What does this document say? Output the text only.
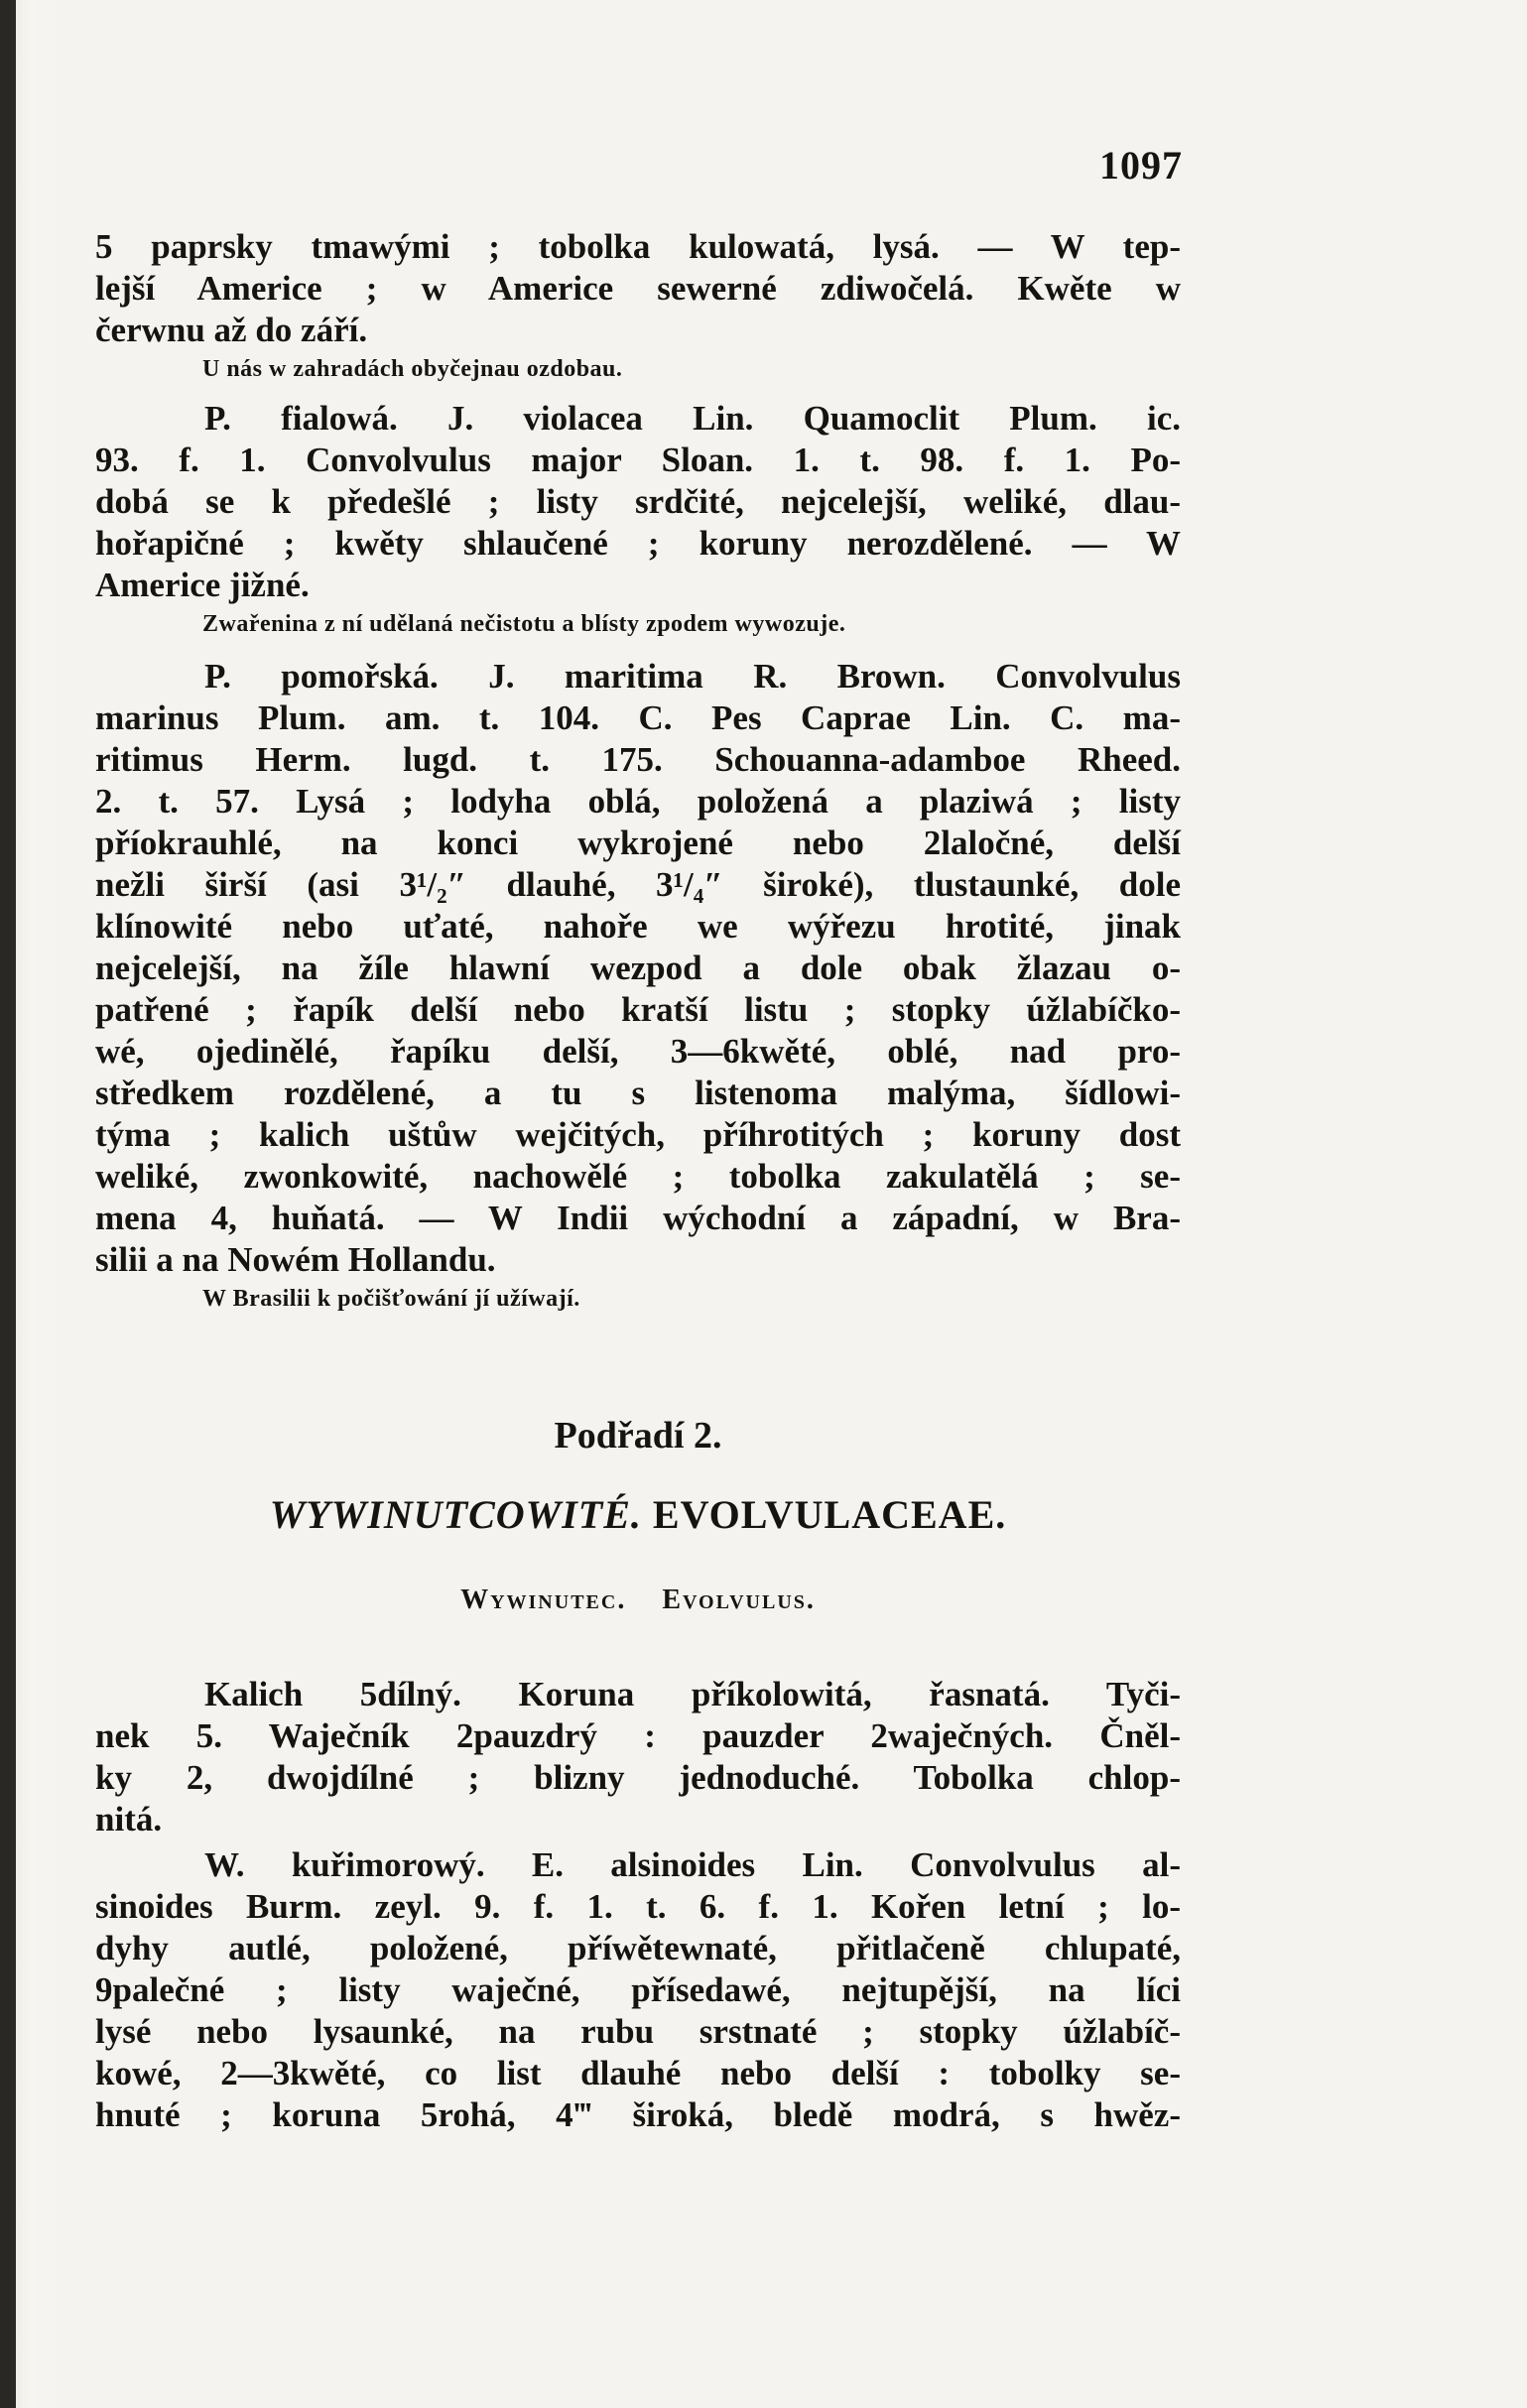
1097
5 paprsky tmawými ; tobolka kulowatá, lysá. — W tep-
lejší Americe ; w Americe sewerné zdiwočelá. Kwěte w
čerwnu až do září.
U nás w zahradách obyčejnau ozdobau.
P. fialowá. J. violacea Lin. Quamoclit Plum. ic.
93. f. 1. Convolvulus major Sloan. 1. t. 98. f. 1. Po-
dobá se k předešlé ; listy srdčité, nejcelejší, weliké, dlau-
hořapičné ; kwěty shlaučené ; koruny nerozdělené. — W
Americe jižné.
Zwařenina z ní udělaná nečistotu a blísty zpodem wywozuje.
P. pomořská. J. maritima R. Brown. Convolvulus
marinus Plum. am. t. 104. C. Pes Caprae Lin. C. ma-
ritimus Herm. lugd. t. 175. Schouanna-adamboe Rheed.
2. t. 57. Lysá ; lodyha oblá, položená a plaziwá ; listy
příokrauhlé, na konci wykrojené nebo 2laločné, delší
nežli širší (asi 3¹/₂″ dlauhé, 3¹/₄″ široké), tlustaunké, dole
klínowité nebo uťaté, nahoře we wýřezu hrotité, jinak
nejcelejší, na žíle hlawní wezpod a dole obak žlazau o-
patřené ; řapík delší nebo kratší listu ; stopky úžlabíčko-
wé, ojedinělé, řapíku delší, 3—6kwěté, oblé, nad pro-
středkem rozdělené, a tu s listenoma malýma, šídlowi-
týma ; kalich uštůw wejčitých, příhrotitých ; koruny dost
weliké, zwonkowité, nachowělé ; tobolka zakulatělá ; se-
mena 4, huňatá. — W Indii wýchodní a západní, w Bra-
silii a na Nowém Hollandu.
W Brasilii k počišťowání jí užíwají.
Podřadí 2.
WYWINUTCOWITÉ. EVOLVULACEAE.
Wywinutec. Evolvulus.
Kalich 5dílný. Koruna příkolowitá, řasnatá. Tyči-
nek 5. Waječník 2pauzdrý : pauzder 2waječných. Čněl-
ky 2, dwojdílné ; blizny jednoduché. Tobolka chlop-
nitá.
W. kuřimorowý. E. alsinoides Lin. Convolvulus al-
sinoides Burm. zeyl. 9. f. 1. t. 6. f. 1. Kořen letní ; lo-
dyhy autlé, položené, příwětewnaté, přitlačeně chlupaté,
9palečné ; listy waječné, přísedawé, nejtupější, na líci
lysé nebo lysaunké, na rubu srstnaté ; stopky úžlabíč-
kowé, 2—3kwěté, co list dlauhé nebo delší : tobolky se-
hnuté ; koruna 5rohá, 4‴ široká, bledě modrá, s hwěz-
